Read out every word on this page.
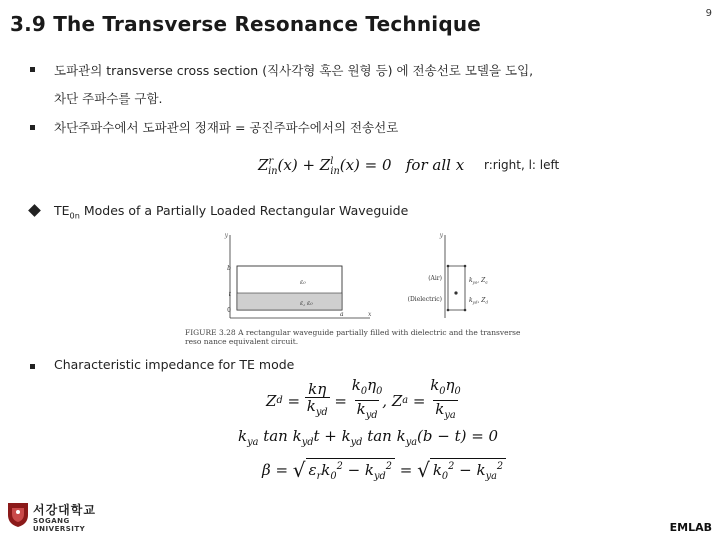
3.9 The Transverse Resonance Technique	9
도파관의 transverse cross section (직사각형 혹은 원형 등) 에 전송선로 모델을 도입,
차단 주파수를 구함.
차단주파수에서 도파관의 정재파 = 공진주파수에서의 전송선로
$Z^r_{in}(x) + Z^l_{in}(x) = 0$   for all x r:right, l: left
$TE_{0n}$ Modes of a Partially Loaded Rectangular Waveguide
y
x
b
t
0
ε₀
ε, ε₀
a
y
(Air)
(Dielectric)
$k_{ya}$, $Z_a$
$k_{yd}$, $Z_d$
FIGURE 3.28 A rectangular waveguide partially filled with dielectric and the transverse reso nance equivalent circuit.
Characteristic impedance for TE mode
Z d =
kη
$k_{yd}$
=
$k_0\eta_0$
$k_{yd}$
, Z a =
$k_0\eta_0$
$k_{ya}$
$k_{ya}$ $\tan k_{yd}t + k_{yd}$ $\tan k_{ya}(b - t) = 0$
β = √ $\varepsilon_rk_0^2 - k_{yd}^2$ = √ $k_0^2 - k_{ya}^2$
서강대학교
SOGANG UNIVERSITY	EMLAB
